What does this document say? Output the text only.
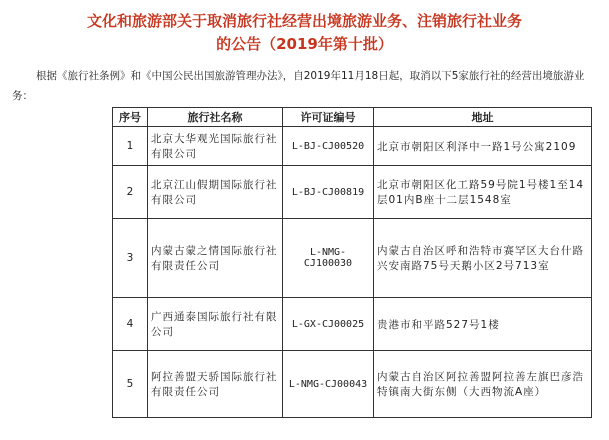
文化和旅游部关于取消旅行社经营出境旅游业务、注销旅行社业务
的公告（2019年第十批）

根据《旅行社条例》和《中国公民出国旅游管理办法》，自2019年11月18日起，取消以下5家旅行社的经营出境旅游业务：

序号	旅行社名称	许可证编号	地址
1	北京大华观光国际旅行社有限公司	L-BJ-CJ00520	北京市朝阳区利泽中一路1号公寓2109
2	北京江山假期国际旅行社有限公司	L-BJ-CJ00819	北京市朝阳区化工路59号院1号楼1至14层01内B座十二层1548室
3	内蒙古蒙之情国际旅行社有限责任公司	L-NMG-CJ100030	内蒙古自治区呼和浩特市赛罕区大台什路兴安南路75号天鹅小区2号713室
4	广西通泰国际旅行社有限公司	L-GX-CJ00025	贵港市和平路527号1楼
5	阿拉善盟天骄国际旅行社有限责任公司	L-NMG-CJ00043	内蒙古自治区阿拉善盟阿拉善左旗巴彦浩特镇南大街东侧（大西物流A座）
